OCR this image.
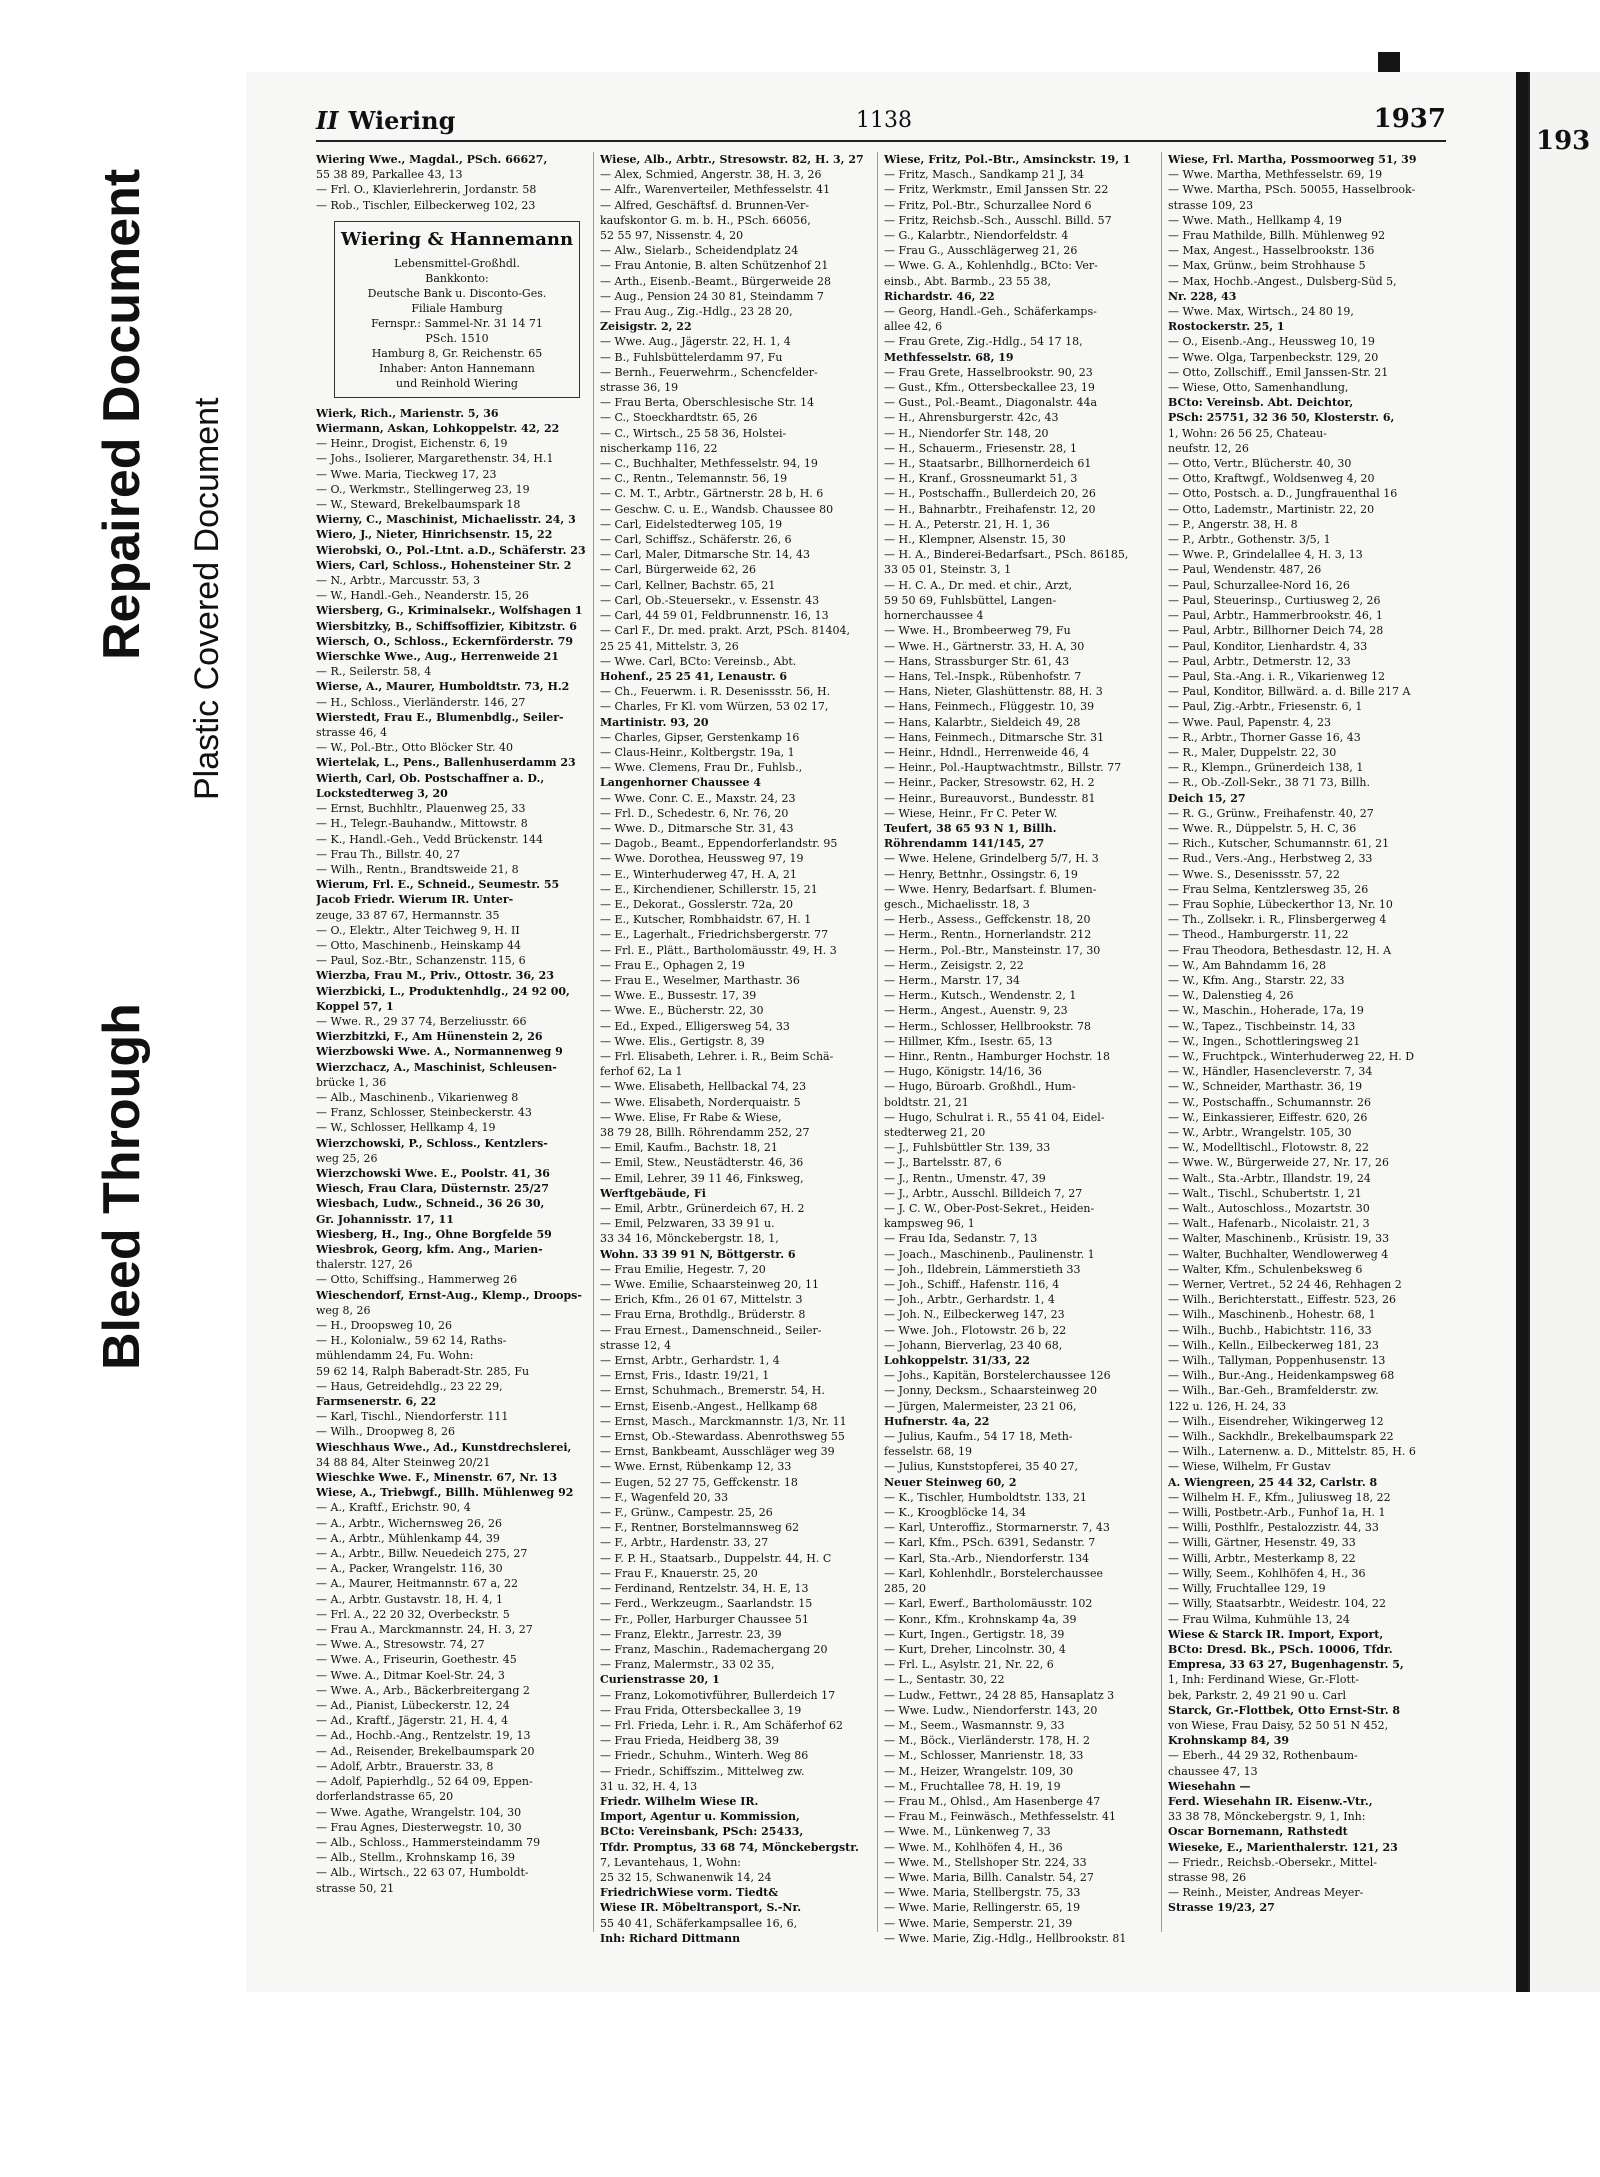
Bleed Through
Repaired Document Plastic Covered Document
193
II Wiering	1138	1937

Wiering Wwe., Magdal., PSch. 66627,

55 38 89, Parkallee 43, 13

— Frl. O., Klavierlehrerin, Jordanstr. 58

— Rob., Tischler, Eilbeckerweg 102, 23

Wiering & Hannemann
Lebensmittel-Großhdl.
Bankkonto:
Deutsche Bank u. Disconto-Ges.
Filiale Hamburg
Fernspr.: Sammel-Nr. 31 14 71
PSch. 1510
Hamburg 8, Gr. Reichenstr. 65
Inhaber: Anton Hannemann
und Reinhold Wiering

Wierk, Rich., Marienstr. 5, 36

Wiermann, Askan, Lohkoppelstr. 42, 22

— Heinr., Drogist, Eichenstr. 6, 19

— Johs., Isolierer, Margarethenstr. 34, H.1

— Wwe. Maria, Tieckweg 17, 23

— O., Werkmstr., Stellingerweg 23, 19

— W., Steward, Brekelbaumspark 18

Wierny, C., Maschinist, Michaelisstr. 24, 3

Wiero, J., Nieter, Hinrichsenstr. 15, 22

Wierobski, O., Pol.-Ltnt. a.D., Schäferstr. 23

Wiers, Carl, Schloss., Hohensteiner Str. 2

— N., Arbtr., Marcusstr. 53, 3

— W., Handl.-Geh., Neanderstr. 15, 26

Wiersberg, G., Kriminalsekr., Wolfshagen 1

Wiersbitzky, B., Schiffsoffizier, Kibitzstr. 6

Wiersch, O., Schloss., Eckernförderstr. 79

Wierschke Wwe., Aug., Herrenweide 21

— R., Seilerstr. 58, 4

Wierse, A., Maurer, Humboldtstr. 73, H.2

— H., Schloss., Vierländerstr. 146, 27

Wierstedt, Frau E., Blumenbdlg., Seiler-

strasse 46, 4

— W., Pol.-Btr., Otto Blöcker Str. 40

Wiertelak, L., Pens., Ballenhuserdamm 23

Wierth, Carl, Ob. Postschaffner a. D.,

Lockstedterweg 3, 20

— Ernst, Buchhltr., Plauenweg 25, 33

— H., Telegr.-Bauhandw., Mittowstr. 8

— K., Handl.-Geh., Vedd Brückenstr. 144

— Frau Th., Billstr. 40, 27

— Wilh., Rentn., Brandtsweide 21, 8

Wierum, Frl. E., Schneid., Seumestr. 55

Jacob Friedr. Wierum IR. Unter-

zeuge, 33 87 67, Hermannstr. 35

— O., Elektr., Alter Teichweg 9, H. II

— Otto, Maschinenb., Heinskamp 44

— Paul, Soz.-Btr., Schanzenstr. 115, 6

Wierzba, Frau M., Priv., Ottostr. 36, 23

Wierzbicki, L., Produktenhdlg., 24 92 00,

Koppel 57, 1

— Wwe. R., 29 37 74, Berzeliusstr. 66

Wierzbitzki, F., Am Hünenstein 2, 26

Wierzbowski Wwe. A., Normannenweg 9

Wierzchacz, A., Maschinist, Schleusen-

brücke 1, 36

— Alb., Maschinenb., Vikarienweg 8

— Franz, Schlosser, Steinbeckerstr. 43

— W., Schlosser, Hellkamp 4, 19

Wierzchowski, P., Schloss., Kentzlers-

weg 25, 26

Wierzchowski Wwe. E., Poolstr. 41, 36

Wiesch, Frau Clara, Düsternstr. 25/27

Wiesbach, Ludw., Schneid., 36 26 30,

Gr. Johannisstr. 17, 11

Wiesberg, H., Ing., Ohne Borgfelde 59

Wiesbrok, Georg, kfm. Ang., Marien-

thalerstr. 127, 26

— Otto, Schiffsing., Hammerweg 26

Wieschendorf, Ernst-Aug., Klemp., Droops-

weg 8, 26

— H., Droopsweg 10, 26

— H., Kolonialw., 59 62 14, Raths-

mühlendamm 24, Fu. Wohn:

59 62 14, Ralph Baberadt-Str. 285, Fu

— Haus, Getreidehdlg., 23 22 29,

Farmsenerstr. 6, 22

— Karl, Tischl., Niendorferstr. 111

— Wilh., Droopweg 8, 26

Wieschhaus Wwe., Ad., Kunstdrechslerei,

34 88 84, Alter Steinweg 20/21

Wieschke Wwe. F., Minenstr. 67, Nr. 13

Wiese, A., Triebwgf., Billh. Mühlenweg 92

— A., Kraftf., Erichstr. 90, 4

— A., Arbtr., Wichernsweg 26, 26

— A., Arbtr., Mühlenkamp 44, 39

— A., Arbtr., Billw. Neuedeich 275, 27

— A., Packer, Wrangelstr. 116, 30

— A., Maurer, Heitmannstr. 67 a, 22

— A., Arbtr. Gustavstr. 18, H. 4, 1

— Frl. A., 22 20 32, Overbeckstr. 5

— Frau A., Marckmannstr. 24, H. 3, 27

— Wwe. A., Stresowstr. 74, 27

— Wwe. A., Friseurin, Goethestr. 45

— Wwe. A., Ditmar Koel-Str. 24, 3

— Wwe. A., Arb., Bäckerbreitergang 2

— Ad., Pianist, Lübeckerstr. 12, 24

— Ad., Kraftf., Jägerstr. 21, H. 4, 4

— Ad., Hochb.-Ang., Rentzelstr. 19, 13

— Ad., Reisender, Brekelbaumspark 20

— Adolf, Arbtr., Brauerstr. 33, 8

— Adolf, Papierhdlg., 52 64 09, Eppen-

dorferlandstrasse 65, 20

— Wwe. Agathe, Wrangelstr. 104, 30

— Frau Agnes, Diesterwegstr. 10, 30

— Alb., Schloss., Hammersteindamm 79

— Alb., Stellm., Krohnskamp 16, 39

— Alb., Wirtsch., 22 63 07, Humboldt-

strasse 50, 21

Wiese, Alb., Arbtr., Stresowstr. 82, H. 3, 27

— Alex, Schmied, Angerstr. 38, H. 3, 26

— Alfr., Warenverteiler, Methfesselstr. 41

— Alfred, Geschäftsf. d. Brunnen-Ver-

kaufskontor G. m. b. H., PSch. 66056,

52 55 97, Nissenstr. 4, 20

— Alw., Sielarb., Scheidendplatz 24

— Frau Antonie, B. alten Schützenhof 21

— Arth., Eisenb.-Beamt., Bürgerweide 28

— Aug., Pension 24 30 81, Steindamm 7

— Frau Aug., Zig.-Hdlg., 23 28 20,

Zeisigstr. 2, 22

— Wwe. Aug., Jägerstr. 22, H. 1, 4

— B., Fuhlsbüttelerdamm 97, Fu

— Bernh., Feuerwehrm., Schencfelder-

strasse 36, 19

— Frau Berta, Oberschlesische Str. 14

— C., Stoeckhardtstr. 65, 26

— C., Wirtsch., 25 58 36, Holstei-

nischerkamp 116, 22

— C., Buchhalter, Methfesselstr. 94, 19

— C., Rentn., Telemannstr. 56, 19

— C. M. T., Arbtr., Gärtnerstr. 28 b, H. 6

— Geschw. C. u. E., Wandsb. Chaussee 80

— Carl, Eidelstedterweg 105, 19

— Carl, Schiffsz., Schäferstr. 26, 6

— Carl, Maler, Ditmarsche Str. 14, 43

— Carl, Bürgerweide 62, 26

— Carl, Kellner, Bachstr. 65, 21

— Carl, Ob.-Steuersekr., v. Essenstr. 43

— Carl, 44 59 01, Feldbrunnenstr. 16, 13

— Carl F., Dr. med. prakt. Arzt, PSch. 81404,

25 25 41, Mittelstr. 3, 26

— Wwe. Carl, BCto: Vereinsb., Abt.

Hohenf., 25 25 41, Lenaustr. 6

— Ch., Feuerwm. i. R. Desenissstr. 56, H.

— Charles, Fr Kl. vom Würzen, 53 02 17,

Martinistr. 93, 20

— Charles, Gipser, Gerstenkamp 16

— Claus-Heinr., Koltbergstr. 19a, 1

— Wwe. Clemens, Frau Dr., Fuhlsb.,

Langenhorner Chaussee 4

— Wwe. Conr. C. E., Maxstr. 24, 23

— Frl. D., Schedestr. 6, Nr. 76, 20

— Wwe. D., Ditmarsche Str. 31, 43

— Dagob., Beamt., Eppendorferlandstr. 95

— Wwe. Dorothea, Heussweg 97, 19

— E., Winterhuderweg 47, H. A, 21

— E., Kirchendiener, Schillerstr. 15, 21

— E., Dekorat., Gosslerstr. 72a, 20

— E., Kutscher, Rombhaidstr. 67, H. 1

— E., Lagerhalt., Friedrichsbergerstr. 77

— Frl. E., Plätt., Bartholomäusstr. 49, H. 3

— Frau E., Ophagen 2, 19

— Frau E., Weselmer, Marthastr. 36

— Wwe. E., Bussestr. 17, 39

— Wwe. E., Bücherstr. 22, 30

— Ed., Exped., Elligersweg 54, 33

— Wwe. Elis., Gertigstr. 8, 39

— Frl. Elisabeth, Lehrer. i. R., Beim Schä-

ferhof 62, La 1

— Wwe. Elisabeth, Hellbackal 74, 23

— Wwe. Elisabeth, Norderquaistr. 5

— Wwe. Elise, Fr Rabe & Wiese,

38 79 28, Billh. Röhrendamm 252, 27

— Emil, Kaufm., Bachstr. 18, 21

— Emil, Stew., Neustädterstr. 46, 36

— Emil, Lehrer, 39 11 46, Finksweg,

Werftgebäude, Fi

— Emil, Arbtr., Grünerdeich 67, H. 2

— Emil, Pelzwaren, 33 39 91 u.

33 34 16, Mönckebergstr. 18, 1,

Wohn. 33 39 91 N, Böttgerstr. 6

— Frau Emilie, Hegestr. 7, 20

— Wwe. Emilie, Schaarsteinweg 20, 11

— Erich, Kfm., 26 01 67, Mittelstr. 3

— Frau Erna, Brothdlg., Brüderstr. 8

— Frau Ernest., Damenschneid., Seiler-

strasse 12, 4

— Ernst, Arbtr., Gerhardstr. 1, 4

— Ernst, Fris., Idastr. 19/21, 1

— Ernst, Schuhmach., Bremerstr. 54, H.

— Ernst, Eisenb.-Angest., Hellkamp 68

— Ernst, Masch., Marckmannstr. 1/3, Nr. 11

— Ernst, Ob.-Stewardass. Abenrothsweg 55

— Ernst, Bankbeamt, Ausschläger weg 39

— Wwe. Ernst, Rübenkamp 12, 33

— Eugen, 52 27 75, Geffckenstr. 18

— F., Wagenfeld 20, 33

— F., Grünw., Campestr. 25, 26

— F., Rentner, Borstelmannsweg 62

— F., Arbtr., Hardenstr. 33, 27

— F. P. H., Staatsarb., Duppelstr. 44, H. C

— Frau F., Knauerstr. 25, 20

— Ferdinand, Rentzelstr. 34, H. E, 13

— Ferd., Werkzeugm., Saarlandstr. 15

— Fr., Poller, Harburger Chaussee 51

— Franz, Elektr., Jarrestr. 23, 39

— Franz, Maschin., Rademachergang 20

— Franz, Malermstr., 33 02 35,

Curienstrasse 20, 1

— Franz, Lokomotivführer, Bullerdeich 17

— Frau Frida, Ottersbeckallee 3, 19

— Frl. Frieda, Lehr. i. R., Am Schäferhof 62

— Frau Frieda, Heidberg 38, 39

— Friedr., Schuhm., Winterh. Weg 86

— Friedr., Schiffszim., Mittelweg zw.

31 u. 32, H. 4, 13

Friedr. Wilhelm Wiese IR.

Import, Agentur u. Kommission,

BCto: Vereinsbank, PSch: 25433,

Tfdr. Promptus, 33 68 74, Mönckebergstr.

7, Levantehaus, 1, Wohn:

25 32 15, Schwanenwik 14, 24

FriedrichWiese vorm. Tiedt&

Wiese IR. Möbeltransport, S.-Nr.

55 40 41, Schäferkampsallee 16, 6,

Inh: Richard Dittmann

Wiese, Fritz, Pol.-Btr., Amsinckstr. 19, 1

— Fritz, Masch., Sandkamp 21 J, 34

— Fritz, Werkmstr., Emil Janssen Str. 22

— Fritz, Pol.-Btr., Schurzallee Nord 6

— Fritz, Reichsb.-Sch., Ausschl. Billd. 57

— G., Kalarbtr., Niendorfeldstr. 4

— Frau G., Ausschlägerweg 21, 26

— Wwe. G. A., Kohlenhdlg., BCto: Ver-

einsb., Abt. Barmb., 23 55 38,

Richardstr. 46, 22

— Georg, Handl.-Geh., Schäferkamps-

allee 42, 6

— Frau Grete, Zig.-Hdlg., 54 17 18,

Methfesselstr. 68, 19

— Frau Grete, Hasselbrookstr. 90, 23

— Gust., Kfm., Ottersbeckallee 23, 19

— Gust., Pol.-Beamt., Diagonalstr. 44a

— H., Ahrensburgerstr. 42c, 43

— H., Niendorfer Str. 148, 20

— H., Schauerm., Friesenstr. 28, 1

— H., Staatsarbr., Billhornerdeich 61

— H., Kranf., Grossneumarkt 51, 3

— H., Postschaffn., Bullerdeich 20, 26

— H., Bahnarbtr., Freihafenstr. 12, 20

— H. A., Peterstr. 21, H. 1, 36

— H., Klempner, Alsenstr. 15, 30

— H. A., Binderei-Bedarfsart., PSch. 86185,

33 05 01, Steinstr. 3, 1

— H. C. A., Dr. med. et chir., Arzt,

59 50 69, Fuhlsbüttel, Langen-

hornerchaussee 4

— Wwe. H., Brombeerweg 79, Fu

— Wwe. H., Gärtnerstr. 33, H. A, 30

— Hans, Strassburger Str. 61, 43

— Hans, Tel.-Inspk., Rübenhofstr. 7

— Hans, Nieter, Glashüttenstr. 88, H. 3

— Hans, Feinmech., Flüggestr. 10, 39

— Hans, Kalarbtr., Sieldeich 49, 28

— Hans, Feinmech., Ditmarsche Str. 31

— Heinr., Hdndl., Herrenweide 46, 4

— Heinr., Pol.-Hauptwachtmstr., Billstr. 77

— Heinr., Packer, Stresowstr. 62, H. 2

— Heinr., Bureauvorst., Bundesstr. 81

— Wiese, Heinr., Fr C. Peter W.

Teufert, 38 65 93 N 1, Billh.

Röhrendamm 141/145, 27

— Wwe. Helene, Grindelberg 5/7, H. 3

— Henry, Bettnhr., Ossingstr. 6, 19

— Wwe. Henry, Bedarfsart. f. Blumen-

gesch., Michaelisstr. 18, 3

— Herb., Assess., Geffckenstr. 18, 20

— Herm., Rentn., Hornerlandstr. 212

— Herm., Pol.-Btr., Mansteinstr. 17, 30

— Herm., Zeisigstr. 2, 22

— Herm., Marstr. 17, 34

— Herm., Kutsch., Wendenstr. 2, 1

— Herm., Angest., Auenstr. 9, 23

— Herm., Schlosser, Hellbrookstr. 78

— Hillmer, Kfm., Isestr. 65, 13

— Hinr., Rentn., Hamburger Hochstr. 18

— Hugo, Königstr. 14/16, 36

— Hugo, Büroarb. Großhdl., Hum-

boldtstr. 21, 21

— Hugo, Schulrat i. R., 55 41 04, Eidel-

stedterweg 21, 20

— J., Fuhlsbüttler Str. 139, 33

— J., Bartelsstr. 87, 6

— J., Rentn., Umenstr. 47, 39

— J., Arbtr., Ausschl. Billdeich 7, 27

— J. C. W., Ober-Post-Sekret., Heiden-

kampsweg 96, 1

— Frau Ida, Sedanstr. 7, 13

— Joach., Maschinenb., Paulinenstr. 1

— Joh., Ildebrein, Lämmerstieth 33

— Joh., Schiff., Hafenstr. 116, 4

— Joh., Arbtr., Gerhardstr. 1, 4

— Joh. N., Eilbeckerweg 147, 23

— Wwe. Joh., Flotowstr. 26 b, 22

— Johann, Bierverlag, 23 40 68,

Lohkoppelstr. 31/33, 22

— Johs., Kapitän, Borstelerchaussee 126

— Jonny, Decksm., Schaarsteinweg 20

— Jürgen, Malermeister, 23 21 06,

Hufnerstr. 4a, 22

— Julius, Kaufm., 54 17 18, Meth-

fesselstr. 68, 19

— Julius, Kunststopferei, 35 40 27,

Neuer Steinweg 60, 2

— K., Tischler, Humboldtstr. 133, 21

— K., Kroogblöcke 14, 34

— Karl, Unteroffiz., Stormarnerstr. 7, 43

— Karl, Kfm., PSch. 6391, Sedanstr. 7

— Karl, Sta.-Arb., Niendorferstr. 134

— Karl, Kohlenhdlr., Borstelerchaussee

285, 20

— Karl, Ewerf., Bartholomäusstr. 102

— Konr., Kfm., Krohnskamp 4a, 39

— Kurt, Ingen., Gertigstr. 18, 39

— Kurt, Dreher, Lincolnstr. 30, 4

— Frl. L., Asylstr. 21, Nr. 22, 6

— L., Sentastr. 30, 22

— Ludw., Fettwr., 24 28 85, Hansaplatz 3

— Wwe. Ludw., Niendorferstr. 143, 20

— M., Seem., Wasmannstr. 9, 33

— M., Böck., Vierländerstr. 178, H. 2

— M., Schlosser, Manrienstr. 18, 33

— M., Heizer, Wrangelstr. 109, 30

— M., Fruchtallee 78, H. 19, 19

— Frau M., Ohlsd., Am Hasenberge 47

— Frau M., Feinwäsch., Methfesselstr. 41

— Wwe. M., Lünkenweg 7, 33

— Wwe. M., Kohlhöfen 4, H., 36

— Wwe. M., Stellshoper Str. 224, 33

— Wwe. Maria, Billh. Canalstr. 54, 27

— Wwe. Maria, Stellbergstr. 75, 33

— Wwe. Marie, Rellingerstr. 65, 19

— Wwe. Marie, Semperstr. 21, 39

— Wwe. Marie, Zig.-Hdlg., Hellbrookstr. 81

Wiese, Frl. Martha, Possmoorweg 51, 39

— Wwe. Martha, Methfesselstr. 69, 19

— Wwe. Martha, PSch. 50055, Hasselbrook-

strasse 109, 23

— Wwe. Math., Hellkamp 4, 19

— Frau Mathilde, Billh. Mühlenweg 92

— Max, Angest., Hasselbrookstr. 136

— Max, Grünw., beim Strohhause 5

— Max, Hochb.-Angest., Dulsberg-Süd 5,

Nr. 228, 43

— Wwe. Max, Wirtsch., 24 80 19,

Rostockerstr. 25, 1

— O., Eisenb.-Ang., Heussweg 10, 19

— Wwe. Olga, Tarpenbeckstr. 129, 20

— Otto, Zollschiff., Emil Janssen-Str. 21

— Wiese, Otto, Samenhandlung,

BCto: Vereinsb. Abt. Deichtor,

PSch: 25751, 32 36 50, Klosterstr. 6,

1, Wohn: 26 56 25, Chateau-

neufstr. 12, 26

— Otto, Vertr., Blücherstr. 40, 30

— Otto, Kraftwgf., Woldsenweg 4, 20

— Otto, Postsch. a. D., Jungfrauenthal 16

— Otto, Lademstr., Martinistr. 22, 20

— P., Angerstr. 38, H. 8

— P., Arbtr., Gothenstr. 3/5, 1

— Wwe. P., Grindelallee 4, H. 3, 13

— Paul, Wendenstr. 487, 26

— Paul, Schurzallee-Nord 16, 26

— Paul, Steuerinsp., Curtiusweg 2, 26

— Paul, Arbtr., Hammerbrookstr. 46, 1

— Paul, Arbtr., Billhorner Deich 74, 28

— Paul, Konditor, Lienhardstr. 4, 33

— Paul, Arbtr., Detmerstr. 12, 33

— Paul, Sta.-Ang. i. R., Vikarienweg 12

— Paul, Konditor, Billwärd. a. d. Bille 217 A

— Paul, Zig.-Arbtr., Friesenstr. 6, 1

— Wwe. Paul, Papenstr. 4, 23

— R., Arbtr., Thorner Gasse 16, 43

— R., Maler, Duppelstr. 22, 30

— R., Klempn., Grünerdeich 138, 1

— R., Ob.-Zoll-Sekr., 38 71 73, Billh.

Deich 15, 27

— R. G., Grünw., Freihafenstr. 40, 27

— Wwe. R., Düppelstr. 5, H. C, 36

— Rich., Kutscher, Schumannstr. 61, 21

— Rud., Vers.-Ang., Herbstweg 2, 33

— Wwe. S., Desenissstr. 57, 22

— Frau Selma, Kentzlersweg 35, 26

— Frau Sophie, Lübeckerthor 13, Nr. 10

— Th., Zollsekr. i. R., Flinsbergerweg 4

— Theod., Hamburgerstr. 11, 22

— Frau Theodora, Bethesdastr. 12, H. A

— W., Am Bahndamm 16, 28

— W., Kfm. Ang., Starstr. 22, 33

— W., Dalenstieg 4, 26

— W., Maschin., Hoherade, 17a, 19

— W., Tapez., Tischbeinstr. 14, 33

— W., Ingen., Schottleringsweg 21

— W., Fruchtpck., Winterhuderweg 22, H. D

— W., Händler, Hasencleverstr. 7, 34

— W., Schneider, Marthastr. 36, 19

— W., Postschaffn., Schumannstr. 26

— W., Einkassierer, Eiffestr. 620, 26

— W., Arbtr., Wrangelstr. 105, 30

— W., Modelltischl., Flotowstr. 8, 22

— Wwe. W., Bürgerweide 27, Nr. 17, 26

— Walt., Sta.-Arbtr., Illandstr. 19, 24

— Walt., Tischl., Schubertstr. 1, 21

— Walt., Autoschloss., Mozartstr. 30

— Walt., Hafenarb., Nicolaistr. 21, 3

— Walter, Maschinenb., Krüsistr. 19, 33

— Walter, Buchhalter, Wendlowerweg 4

— Walter, Kfm., Schulenbeksweg 6

— Werner, Vertret., 52 24 46, Rehhagen 2

— Wilh., Berichterstatt., Eiffestr. 523, 26

— Wilh., Maschinenb., Hohestr. 68, 1

— Wilh., Buchb., Habichtstr. 116, 33

— Wilh., Kelln., Eilbeckerweg 181, 23

— Wilh., Tallyman, Poppenhusenstr. 13

— Wilh., Bur.-Ang., Heidenkampsweg 68

— Wilh., Bar.-Geh., Bramfelderstr. zw.

122 u. 126, H. 24, 33

— Wilh., Eisendreher, Wikingerweg 12

— Wilh., Sackhdlr., Brekelbaumspark 22

— Wilh., Laternenw. a. D., Mittelstr. 85, H. 6

— Wiese, Wilhelm, Fr Gustav

A. Wiengreen, 25 44 32, Carlstr. 8

— Wilhelm H. F., Kfm., Juliusweg 18, 22

— Willi, Postbetr.-Arb., Funhof 1a, H. 1

— Willi, Posthlfr., Pestalozzistr. 44, 33

— Willi, Gärtner, Hesenstr. 49, 33

— Willi, Arbtr., Mesterkamp 8, 22

— Willy, Seem., Kohlhöfen 4, H., 36

— Willy, Fruchtallee 129, 19

— Willy, Staatsarbtr., Weidestr. 104, 22

— Frau Wilma, Kuhmühle 13, 24

Wiese & Starck IR. Import, Export,

BCto: Dresd. Bk., PSch. 10006, Tfdr.

Empresa, 33 63 27, Bugenhagenstr. 5,

1, Inh: Ferdinand Wiese, Gr.-Flott-

bek, Parkstr. 2, 49 21 90 u. Carl

Starck, Gr.-Flottbek, Otto Ernst-Str. 8

von Wiese, Frau Daisy, 52 50 51 N 452,

Krohnskamp 84, 39

— Eberh., 44 29 32, Rothenbaum-

chaussee 47, 13

Wiesehahn —

Ferd. Wiesehahn IR. Eisenw.-Vtr.,

33 38 78, Mönckebergstr. 9, 1, Inh:

Oscar Bornemann, Rathstedt

Wieseke, E., Marienthalerstr. 121, 23

— Friedr., Reichsb.-Obersekr., Mittel-

strasse 98, 26

— Reinh., Meister, Andreas Meyer-

Strasse 19/23, 27
